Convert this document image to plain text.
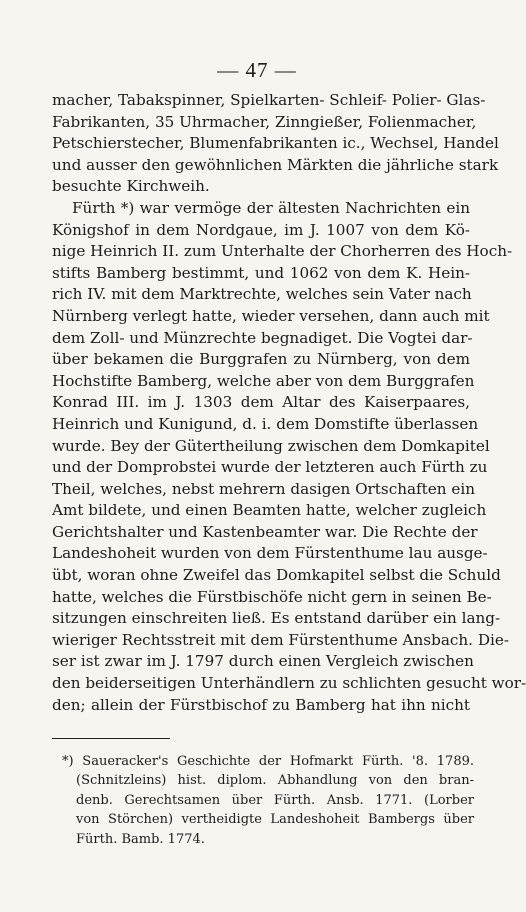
— 47 —
macher, Tabakspinner, Spielkarten- Schleif- Polier- Glas-
Fabrikanten, 35 Uhrmacher, Zinngießer, Folienmacher,
Petschierstecher, Blumenfabrikanten ic., Wechsel, Handel
und ausser den gewöhnlichen Märkten die jährliche stark
besuchte Kirchweih.
Fürth *) war vermöge der ältesten Nachrichten ein
Königshof in dem Nordgaue, im J. 1007 von dem Kö-
nige Heinrich II. zum Unterhalte der Chorherren des Hoch-
stifts Bamberg bestimmt, und 1062 von dem K. Hein-
rich IV. mit dem Marktrechte, welches sein Vater nach
Nürnberg verlegt hatte, wieder versehen, dann auch mit
dem Zoll- und Münzrechte begnadiget. Die Vogtei dar-
über bekamen die Burggrafen zu Nürnberg, von dem
Hochstifte Bamberg, welche aber von dem Burggrafen
Konrad III. im J. 1303 dem Altar des Kaiserpaares,
Heinrich und Kunigund, d. i. dem Domstifte überlassen
wurde. Bey der Gütertheilung zwischen dem Domkapitel
und der Domprobstei wurde der letzteren auch Fürth zu
Theil, welches, nebst mehrern dasigen Ortschaften ein
Amt bildete, und einen Beamten hatte, welcher zugleich
Gerichtshalter und Kastenbeamter war. Die Rechte der
Landeshoheit wurden von dem Fürstenthume lau ausge-
übt, woran ohne Zweifel das Domkapitel selbst die Schuld
hatte, welches die Fürstbischöfe nicht gern in seinen Be-
sitzungen einschreiten ließ. Es entstand darüber ein lang-
wieriger Rechtsstreit mit dem Fürstenthume Ansbach. Die-
ser ist zwar im J. 1797 durch einen Vergleich zwischen
den beiderseitigen Unterhändlern zu schlichten gesucht wor-
den; allein der Fürstbischof zu Bamberg hat ihn nicht
*) Saueracker's Geschichte der Hofmarkt Fürth. '8. 1789.
(Schnitzleins) hist. diplom. Abhandlung von den bran-
denb. Gerechtsamen über Fürth. Ansb. 1771. (Lorber
von Störchen) vertheidigte Landeshoheit Bambergs über
Fürth. Bamb. 1774.
